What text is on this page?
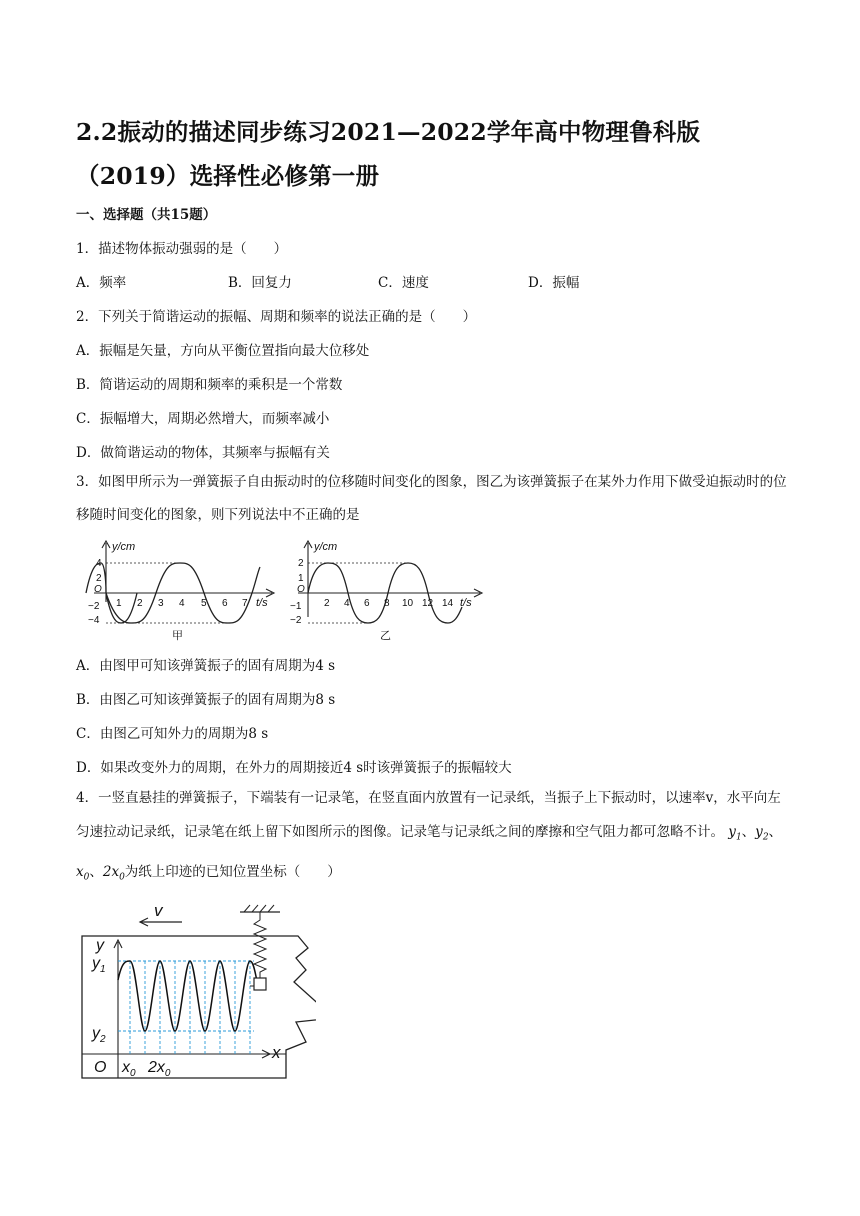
2.2振动的描述同步练习2021—2022学年高中物理鲁科版（2019）选择性必修第一册
一、选择题（共15题）
1．描述物体振动强弱的是（　　）
A．频率	B．回复力	C．速度	D．振幅
2．下列关于简谐运动的振幅、周期和频率的说法正确的是（　　）
A．振幅是矢量，方向从平衡位置指向最大位移处
B．简谐运动的周期和频率的乘积是一个常数
C．振幅增大，周期必然增大，而频率减小
D．做简谐运动的物体，其频率与振幅有关
3．如图甲所示为一弹簧振子自由振动时的位移随时间变化的图象，图乙为该弹簧振子在某外力作用下做受迫振动时的位移随时间变化的图象，则下列说法中不正确的是
y/cm
4
2
O
−2
−4
1 2 3 4 5 6 7 t/s
甲
y/cm
2
1
O
−1
−2
2 4 6 8 10 12 14 t/s
乙
A．由图甲可知该弹簧振子的固有周期为4 s
B．由图乙可知该弹簧振子的固有周期为8 s
C．由图乙可知外力的周期为8 s
D．如果改变外力的周期，在外力的周期接近4 s时该弹簧振子的振幅较大
4．一竖直悬挂的弹簧振子，下端装有一记录笔，在竖直面内放置有一记录纸，当振子上下振动时，以速率v，水平向左匀速拉动记录纸，记录笔在纸上留下如图所示的图像。记录笔与记录纸之间的摩擦和空气阻力都可忽略不计。 $y_1$、$y_2$、$x_0$、$2x_0$为纸上印迹的已知位置坐标（　　）
v
y
$y_1$
$y_2$
x
O $x_0$ $2x_0$
